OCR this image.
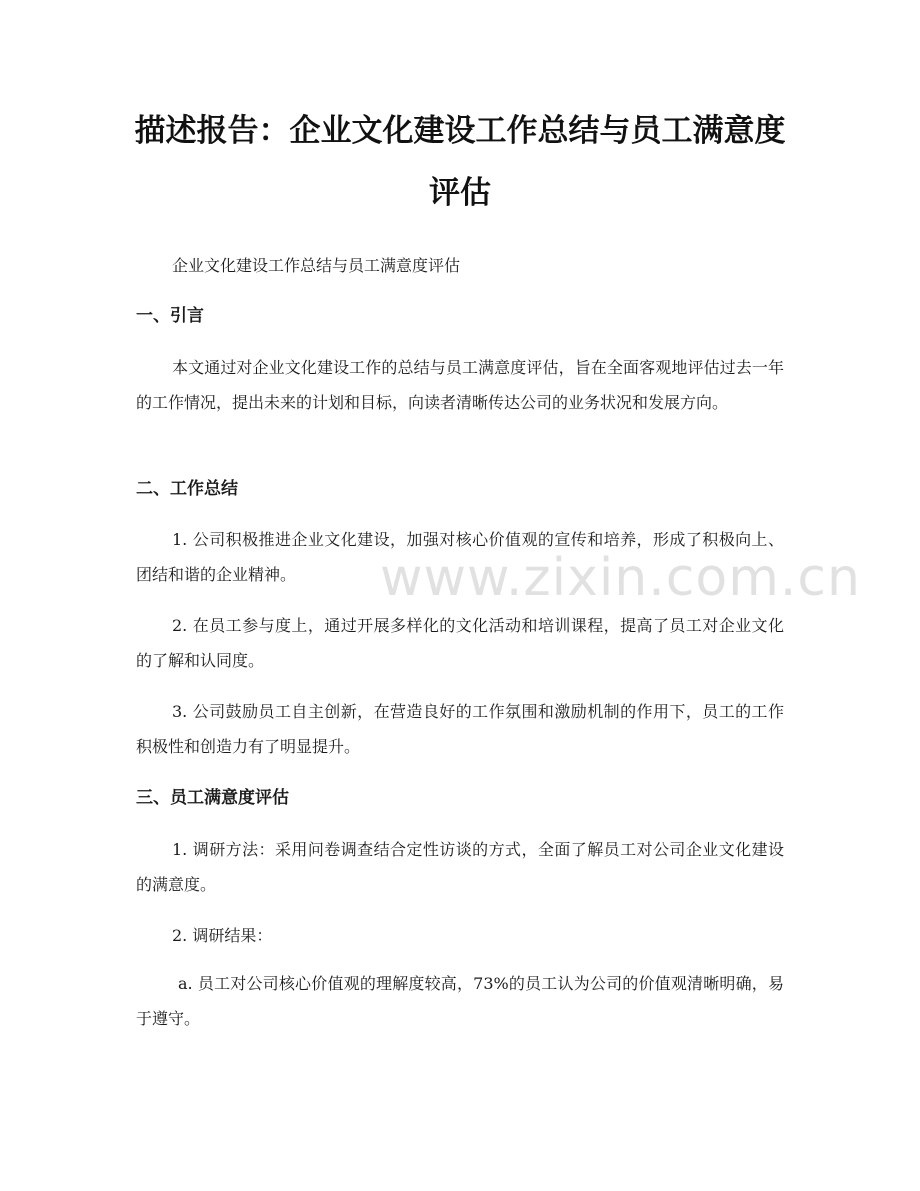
描述报告：企业文化建设工作总结与员工满意度评估

企业文化建设工作总结与员工满意度评估

一、引言

本文通过对企业文化建设工作的总结与员工满意度评估，旨在全面客观地评估过去一年的工作情况，提出未来的计划和目标，向读者清晰传达公司的业务状况和发展方向。

二、工作总结

1. 公司积极推进企业文化建设，加强对核心价值观的宣传和培养，形成了积极向上、团结和谐的企业精神。

2. 在员工参与度上，通过开展多样化的文化活动和培训课程，提高了员工对企业文化的了解和认同度。

3. 公司鼓励员工自主创新，在营造良好的工作氛围和激励机制的作用下，员工的工作积极性和创造力有了明显提升。

三、员工满意度评估

1. 调研方法：采用问卷调查结合定性访谈的方式，全面了解员工对公司企业文化建设的满意度。

2. 调研结果：

a. 员工对公司核心价值观的理解度较高，73%的员工认为公司的价值观清晰明确，易于遵守。

www.zixin.com.cn
